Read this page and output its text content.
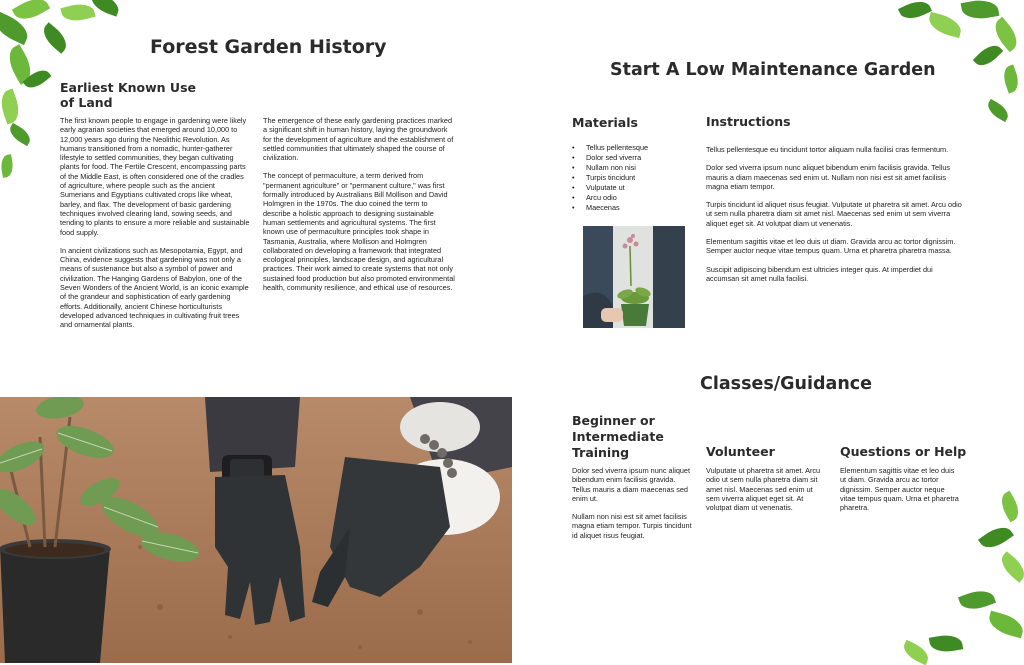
Forest Garden History
Earliest Known Use of Land

The first known people to engage in gardening were likely early agrarian societies that emerged around 10,000 to 12,000 years ago during the Neolithic Revolution. As humans transitioned from a nomadic, hunter-gatherer lifestyle to settled communities, they began cultivating plants for food. The Fertile Crescent, encompassing parts of the Middle East, is often considered one of the cradles of agriculture, where people such as the ancient Sumerians and Egyptians cultivated crops like wheat, barley, and flax. The development of basic gardening techniques involved clearing land, sowing seeds, and tending to plants to ensure a more reliable and sustainable food supply.

In ancient civilizations such as Mesopotamia, Egypt, and China, evidence suggests that gardening was not only a means of sustenance but also a symbol of power and civilization. The Hanging Gardens of Babylon, one of the Seven Wonders of the Ancient World, is an iconic example of the grandeur and sophistication of early gardening efforts. Additionally, ancient Chinese horticulturists developed advanced techniques in cultivating fruit trees and ornamental plants.

The emergence of these early gardening practices marked a significant shift in human history, laying the groundwork for the development of agriculture and the establishment of settled communities that ultimately shaped the course of civilization.

The concept of permaculture, a term derived from "permanent agriculture" or "permanent culture," was first formally introduced by Australians Bill Mollison and David Holmgren in the 1970s. The duo coined the term to describe a holistic approach to designing sustainable human settlements and agricultural systems. The first known use of permaculture principles took shape in Tasmania, Australia, where Mollison and Holmgren collaborated on developing a framework that integrated ecological principles, landscape design, and agricultural practices. Their work aimed to create systems that not only sustained food production but also promoted environmental health, community resilience, and ethical use of resources.

Start A Low Maintenance Garden
Materials
• Tellus pellentesque
• Dolor sed viverra
• Nullam non nisi
• Turpis tincidunt
• Vulputate ut
• Arcu odio
• Maecenas
Instructions

Tellus pellentesque eu tincidunt tortor aliquam nulla facilisi cras fermentum.

Dolor sed viverra ipsum nunc aliquet bibendum enim facilisis gravida. Tellus mauris a diam maecenas sed enim ut. Nullam non nisi est sit amet facilisis magna etiam tempor.

Turpis tincidunt id aliquet risus feugiat. Vulputate ut pharetra sit amet. Arcu odio ut sem nulla pharetra diam sit amet nisl. Maecenas sed enim ut sem viverra aliquet eget sit. At volutpat diam ut venenatis.

Elementum sagittis vitae et leo duis ut diam. Gravida arcu ac tortor dignissim. Semper auctor neque vitae tempus quam. Urna et pharetra pharetra massa.

Suscipit adipiscing bibendum est ultricies integer quis. At imperdiet dui accumsan sit amet nulla facilisi.

Classes/Guidance
Beginner or Intermediate Training

Dolor sed viverra ipsum nunc aliquet bibendum enim facilisis gravida. Tellus mauris a diam maecenas sed enim ut.

Nullam non nisi est sit amet facilisis magna etiam tempor. Turpis tincidunt id aliquet risus feugiat.

Volunteer

Vulputate ut pharetra sit amet. Arcu odio ut sem nulla pharetra diam sit amet nisl. Maecenas sed enim ut sem viverra aliquet eget sit. At volutpat diam ut venenatis.

Questions or Help

Elementum sagittis vitae et leo duis ut diam. Gravida arcu ac tortor dignissim. Semper auctor neque vitae tempus quam. Urna et pharetra pharetra.
